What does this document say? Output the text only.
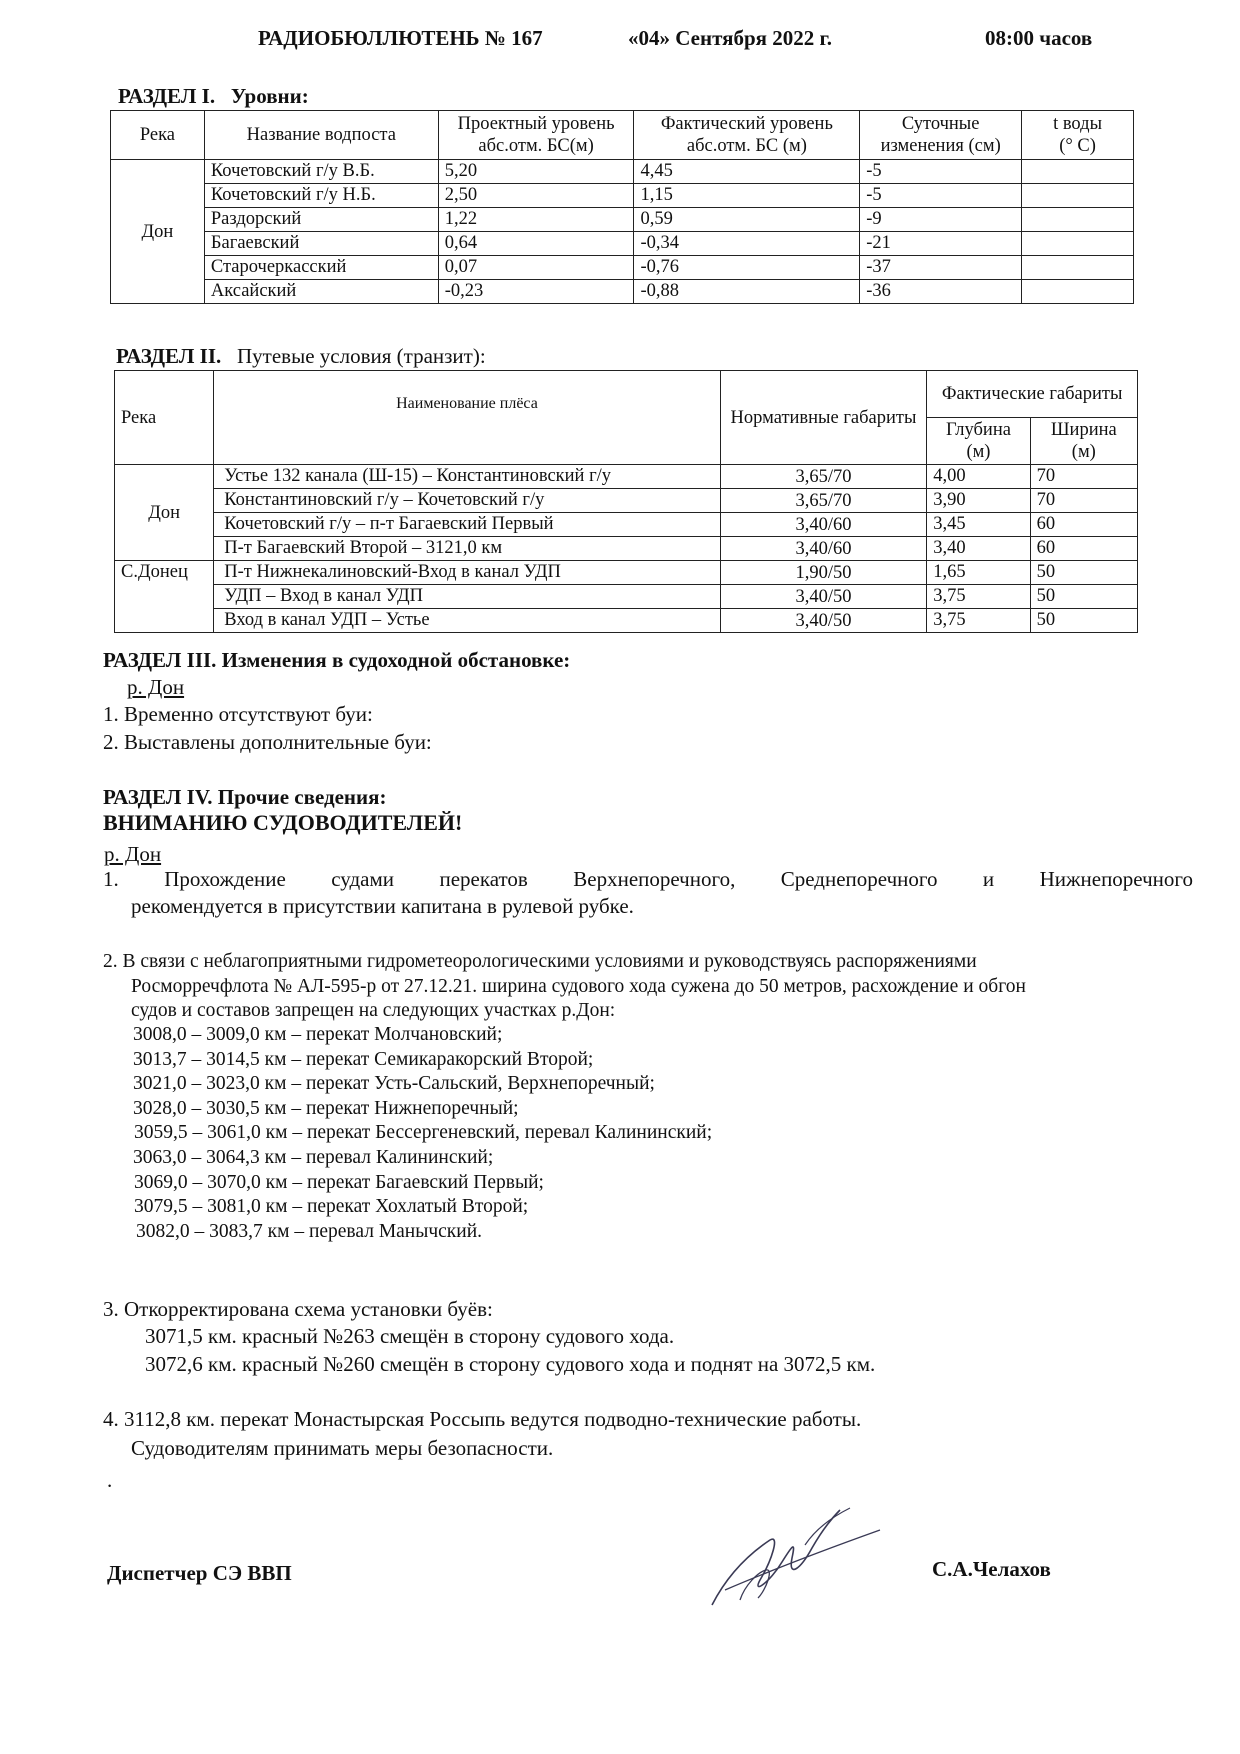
РАДИОБЮЛЛЮТЕНЬ № 167	«04» Сентября 2022 г.	08:00 часов
РАЗДЕЛ I. Уровни:
Река	Название водпоста	Проектный уровень абс.отм. БС(м)	Фактический уровень абс.отм. БС (м)	Суточные изменения (см)	t воды
(° С)
Дон	Кочетовский г/у В.Б.	5,20	4,45	-5	
	Кочетовский г/у Н.Б.	2,50	1,15	-5	
	Раздорский	1,22	0,59	-9	
	Багаевский	0,64	-0,34	-21	
	Старочеркасский	0,07	-0,76	-37	
	Аксайский	-0,23	-0,88	-36	
РАЗДЕЛ II. Путевые условия (транзит):
Река	Наименование плёса	Нормативные габариты	Фактические габариты	
			Глубина (м)	Ширина (м)
Дон	Устье 132 канала (Ш-15) – Константиновский г/у	3,65/70	4,00	70
	Константиновский г/у – Кочетовский г/у	3,65/70	3,90	70
	Кочетовский г/у – п-т Багаевский Первый	3,40/60	3,45	60
	П-т Багаевский Второй – 3121,0 км	3,40/60	3,40	60
С.Донец	П-т Нижнекалиновский-Вход в канал УДП	1,90/50	1,65	50
	УДП – Вход в канал УДП	3,40/50	3,75	50
	Вход в канал УДП – Устье	3,40/50	3,75	50
РАЗДЕЛ III. Изменения в судоходной обстановке:
р. Дон
1. Временно отсутствуют буи:
2. Выставлены дополнительные буи:
РАЗДЕЛ IV. Прочие сведения:
ВНИМАНИЮ СУДОВОДИТЕЛЕЙ!
р. Дон
1. Прохождение судами перекатов Верхнепоречного, Среднепоречного и Нижнепоречного
рекомендуется в присутствии капитана в рулевой рубке.
2. В связи с неблагоприятными гидрометеорологическими условиями и руководствуясь распоряжениями
Росморречфлота № АЛ-595-р от 27.12.21. ширина судового хода сужена до 50 метров, расхождение и обгон
судов и составов запрещен на следующих участках р.Дон:
3008,0 – 3009,0 км – перекат Молчановский;
3013,7 – 3014,5 км – перекат Семикаракорский Второй;
3021,0 – 3023,0 км – перекат Усть-Сальский, Верхнепоречный;
3028,0 – 3030,5 км – перекат Нижнепоречный;
3059,5 – 3061,0 км – перекат Бессергеневский, перевал Калининский;
3063,0 – 3064,3 км – перевал Калининский;
3069,0 – 3070,0 км – перекат Багаевский Первый;
3079,5 – 3081,0 км – перекат Хохлатый Второй;
3082,0 – 3083,7 км – перевал Манычский.
3. Откорректирована схема установки буёв:
3071,5 км. красный №263 смещён в сторону судового хода.
3072,6 км. красный №260 смещён в сторону судового хода и поднят на 3072,5 км.
4. 3112,8 км. перекат Монастырская Россыпь ведутся подводно-технические работы.
Судоводителям принимать меры безопасности.
.
Диспетчер СЭ ВВП	С.А.Челахов
